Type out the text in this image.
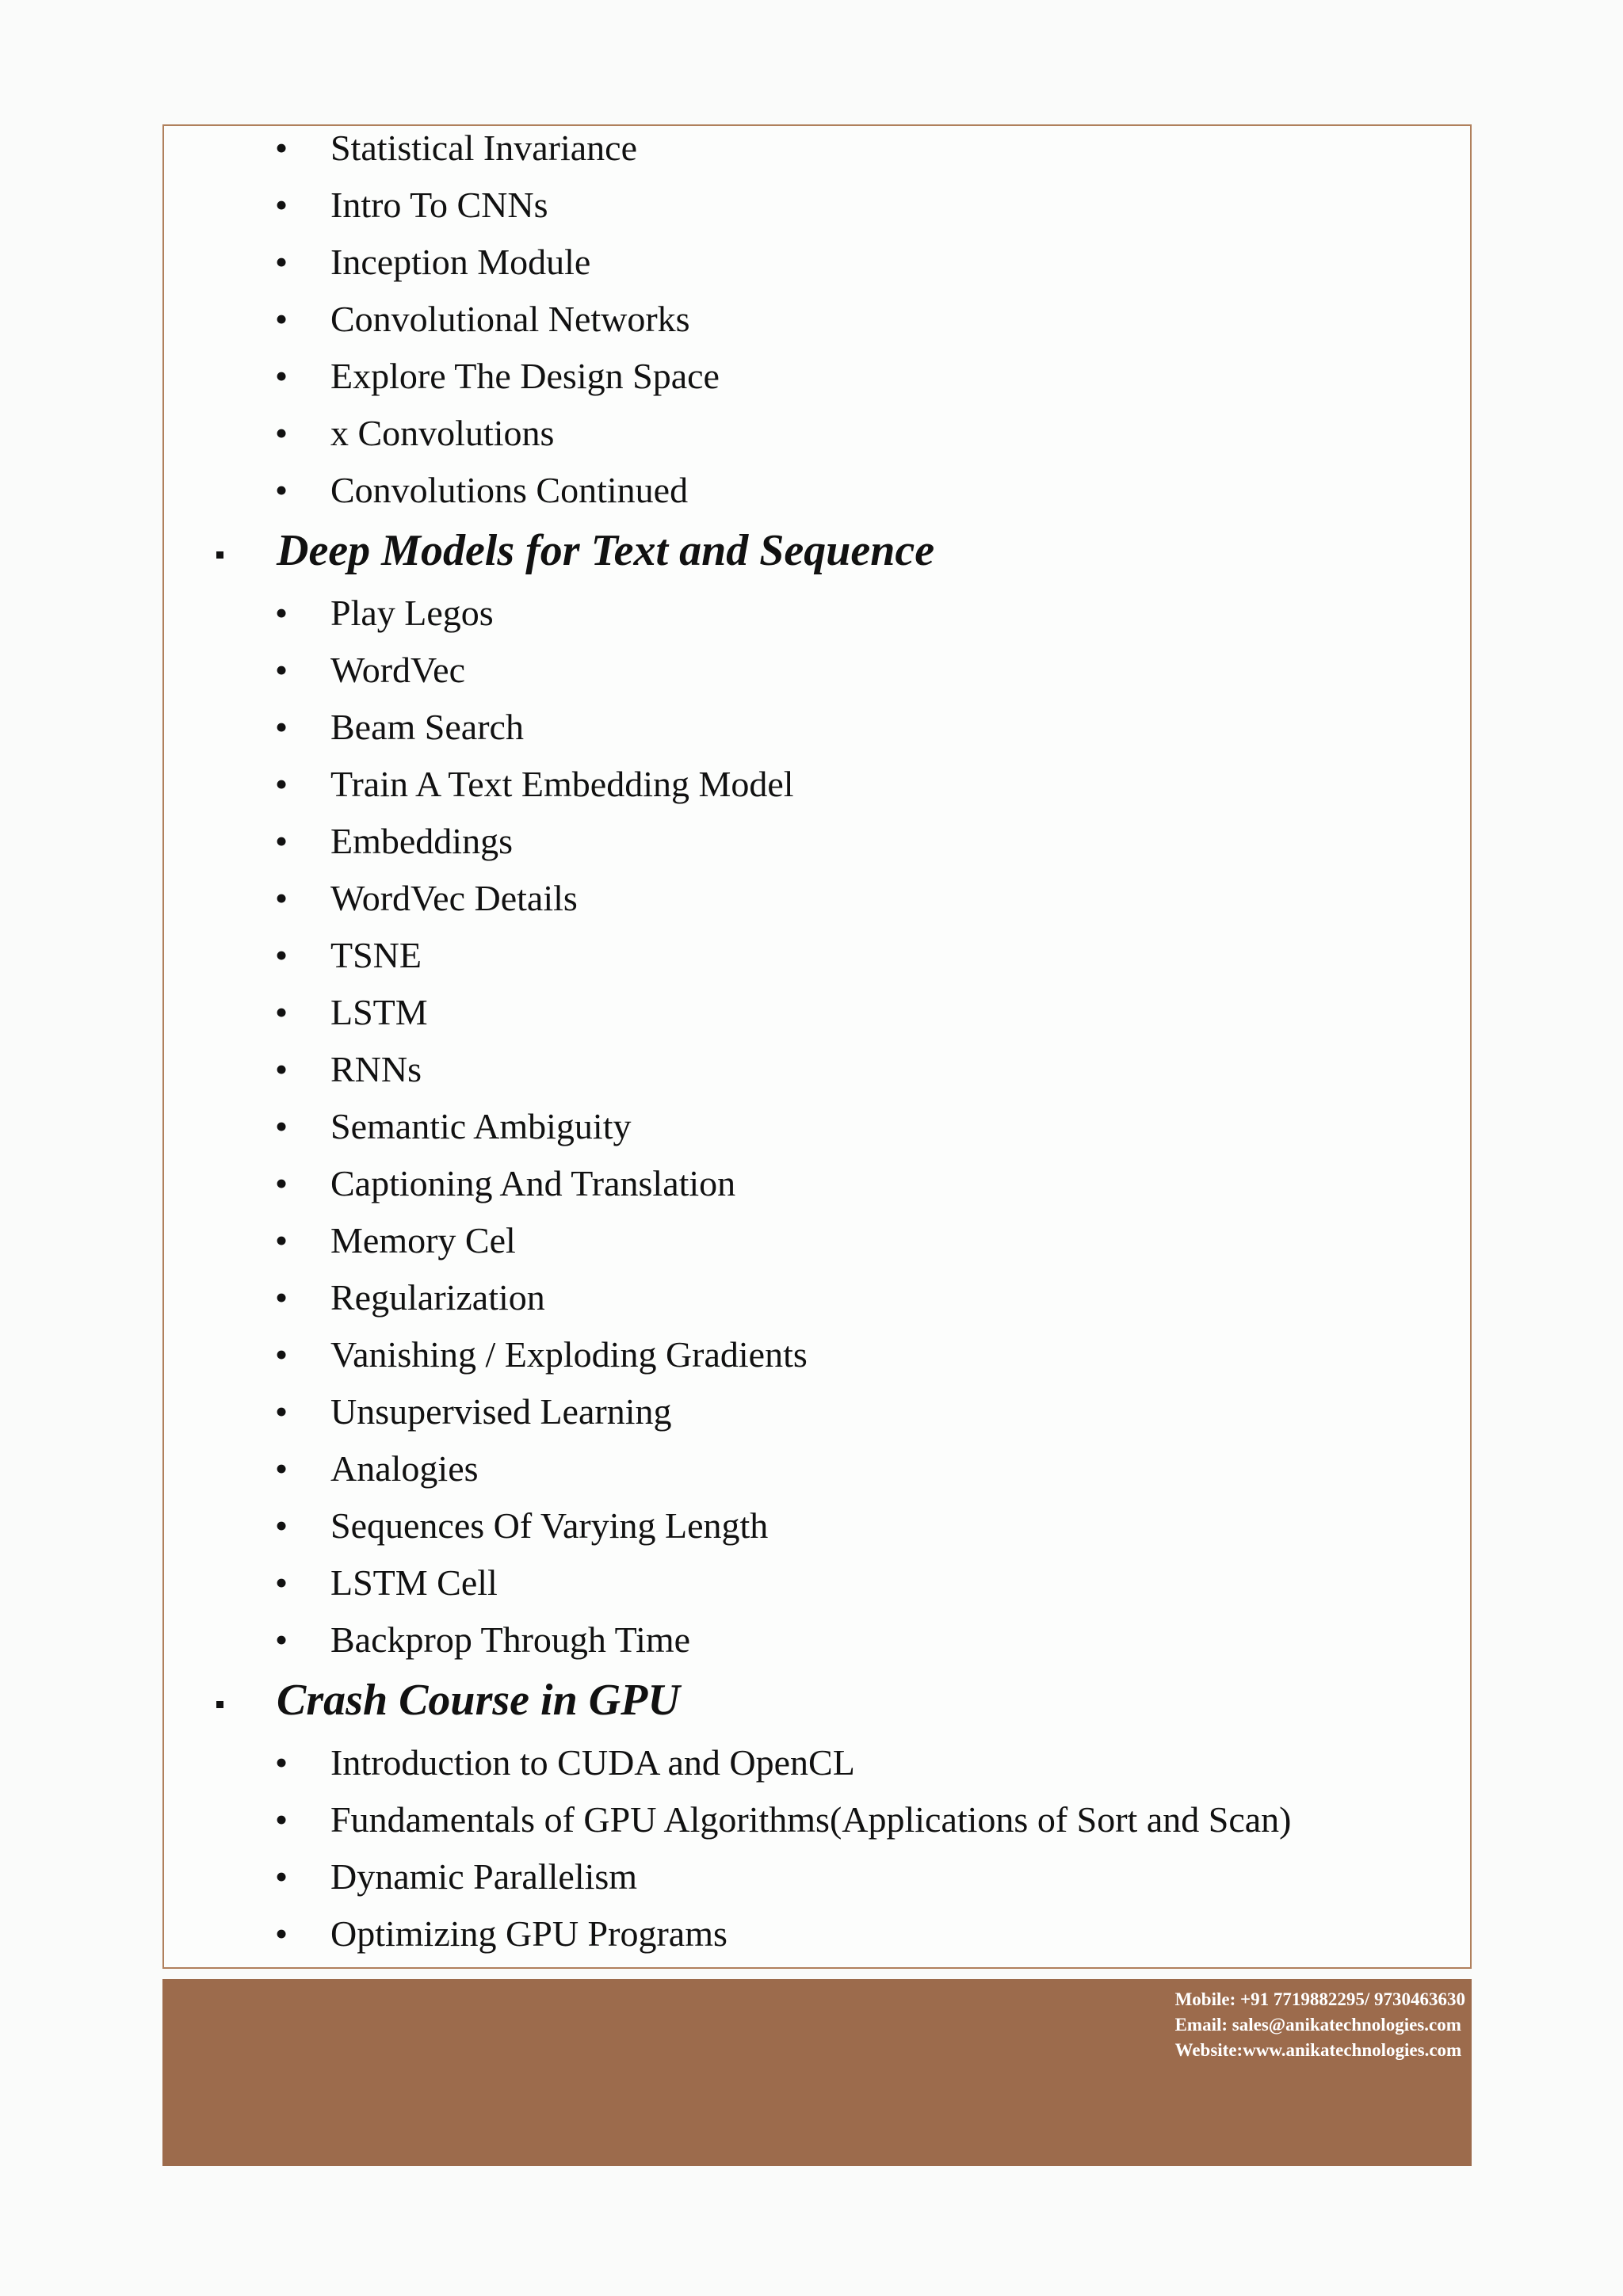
• Statistical Invariance
• Intro To CNNs
• Inception Module
• Convolutional Networks
• Explore The Design Space
• x Convolutions
• Convolutions Continued
Deep Models for Text and Sequence
• Play Legos
• WordVec
• Beam Search
• Train A Text Embedding Model
• Embeddings
• WordVec Details
• TSNE
• LSTM
• RNNs
• Semantic Ambiguity
• Captioning And Translation
• Memory Cel
• Regularization
• Vanishing / Exploding Gradients
• Unsupervised Learning
• Analogies
• Sequences Of Varying Length
• LSTM Cell
• Backprop Through Time
Crash Course in GPU
• Introduction to CUDA and OpenCL
• Fundamentals of GPU Algorithms(Applications of Sort and Scan)
• Dynamic Parallelism
• Optimizing GPU Programs
Mobile: +91 7719882295/ 9730463630
Email: sales@anikatechnologies.com
Website:www.anikatechnologies.com
